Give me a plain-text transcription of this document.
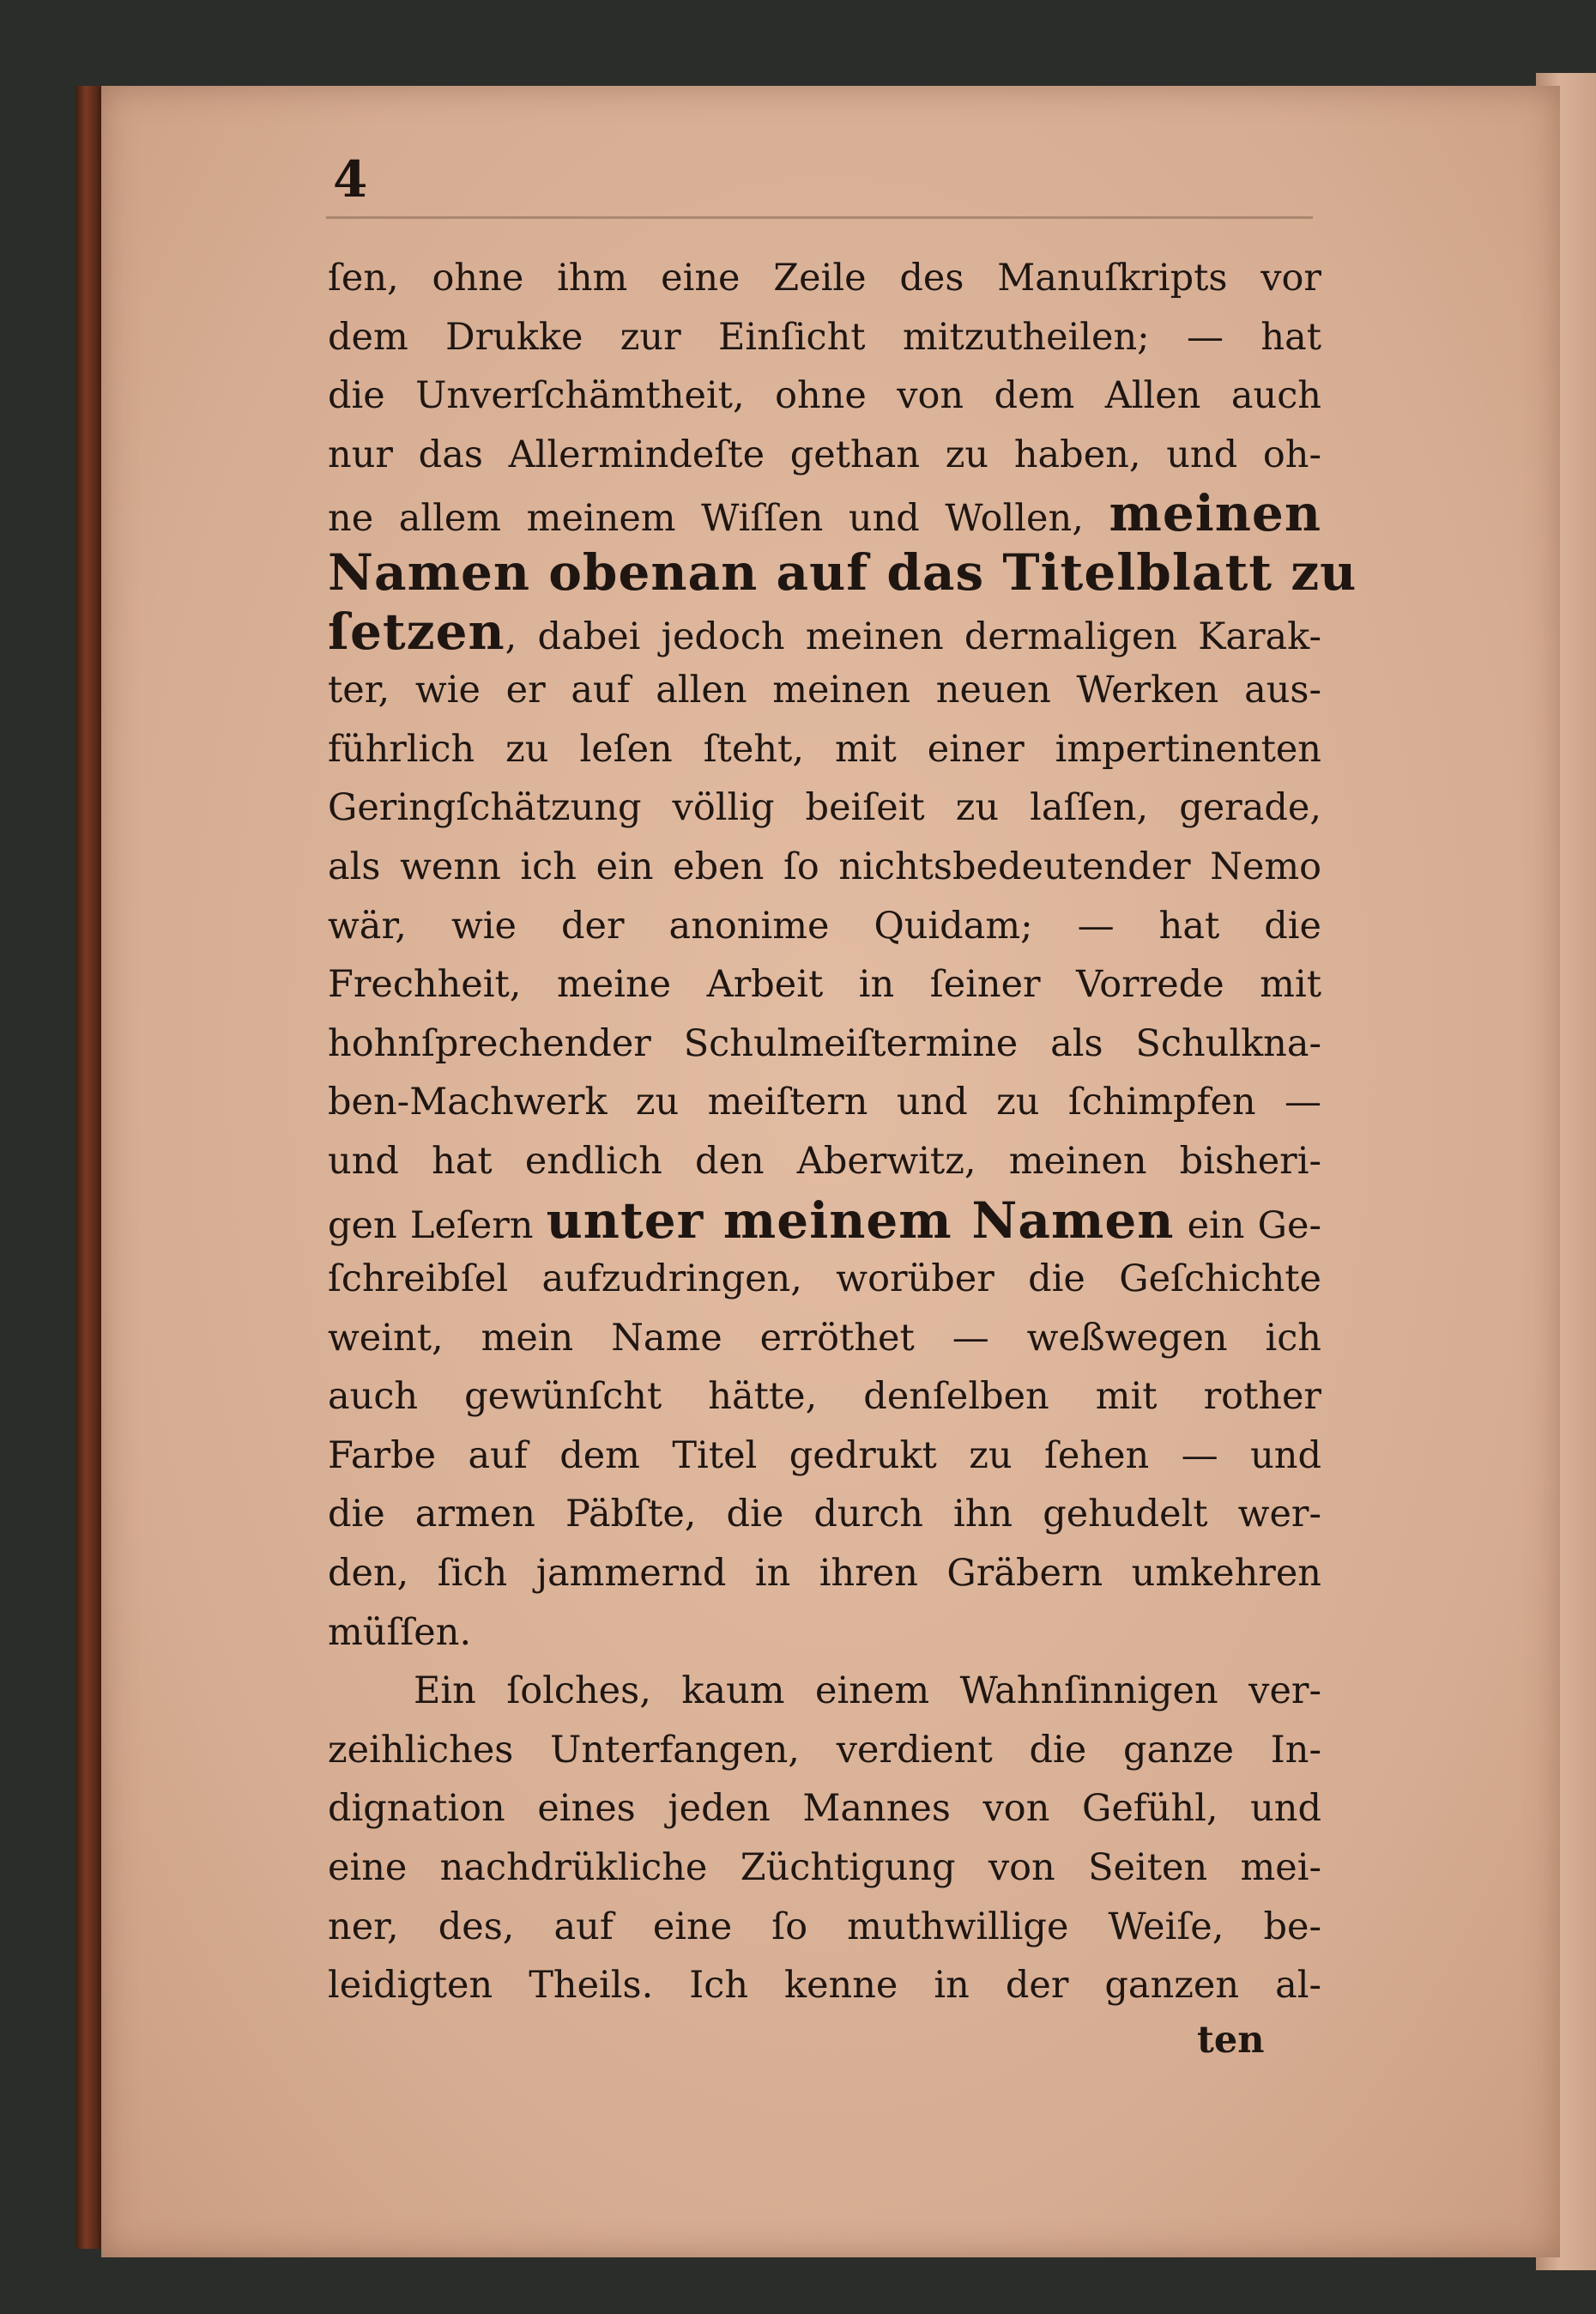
4
ſen, ohne ihm eine Zeile des Manuſkripts vor
dem Drukke zur Einſicht mitzutheilen; — hat
die Unverſchämtheit, ohne von dem Allen auch
nur das Allermindeſte gethan zu haben, und oh-
ne allem meinem Wiſſen und Wollen, meinen
Namen obenan auf das Titelblatt zu
ſetzen, dabei jedoch meinen dermaligen Karak-
ter, wie er auf allen meinen neuen Werken aus-
führlich zu leſen ſteht, mit einer impertinenten
Geringſchätzung völlig beiſeit zu laſſen, gerade,
als wenn ich ein eben ſo nichtsbedeutender Nemo
wär, wie der anonime Quidam; — hat die
Frechheit, meine Arbeit in ſeiner Vorrede mit
hohnſprechender Schulmeiſtermine als Schulkna-
ben-Machwerk zu meiſtern und zu ſchimpfen —
und hat endlich den Aberwitz, meinen bisheri-
gen Leſern unter meinem Namen ein Ge-
ſchreibſel aufzudringen, worüber die Geſchichte
weint, mein Name erröthet — weßwegen ich
auch gewünſcht hätte, denſelben mit rother
Farbe auf dem Titel gedrukt zu ſehen — und
die armen Päbſte, die durch ihn gehudelt wer-
den, ſich jammernd in ihren Gräbern umkehren
müſſen.
Ein ſolches, kaum einem Wahnſinnigen ver-
zeihliches Unterfangen, verdient die ganze In-
dignation eines jeden Mannes von Gefühl, und
eine nachdrükliche Züchtigung von Seiten mei-
ner, des, auf eine ſo muthwillige Weiſe, be-
leidigten Theils. Ich kenne in der ganzen al-
ten
